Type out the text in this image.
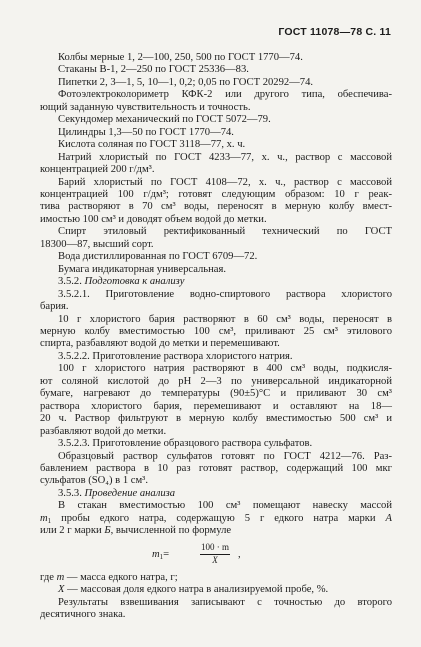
ГОСТ 11078—78 С. 11
Колбы мерные 1, 2—100, 250, 500 по ГОСТ 1770—74.
Стаканы В-1, 2—250 по ГОСТ 25336—83.
Пипетки 2, 3—1, 5, 10—1, 0,2; 0,05 по ГОСТ 20292—74.
Фотоэлектроколориметр КФК-2 или другого типа, обеспечива-
ющий заданную чувствительность и точность.
Секундомер механический по ГОСТ 5072—79.
Цилиндры 1,3—50 по ГОСТ 1770—74.
Кислота соляная по ГОСТ 3118—77, х. ч.
Натрий хлористый по ГОСТ 4233—77, х. ч., раствор с массовой
концентрацией 200 г/дм³.
Барий хлористый по ГОСТ 4108—72, х. ч., раствор с массовой
концентрацией 100 г/дм³; готовят следующим образом: 10 г реак-
тива растворяют в 70 см³ воды, переносят в мерную колбу вмест-
имостью 100 см³ и доводят объем водой до метки.
Спирт этиловый ректификованный технический по ГОСТ
18300—87, высший сорт.
Вода дистиллированная по ГОСТ 6709—72.
Бумага индикаторная универсальная.
3.5.2. Подготовка к анализу
3.5.2.1. Приготовление водно-спиртового раствора хлористого
бария.
10 г хлористого бария растворяют в 60 см³ воды, переносят в
мерную колбу вместимостью 100 см³, приливают 25 см³ этилового
спирта, разбавляют водой до метки и перемешивают.
3.5.2.2. Приготовление раствора хлористого натрия.
100 г хлористого натрия растворяют в 400 см³ воды, подкисля-
ют соляной кислотой до pH 2—3 по универсальной индикаторной
бумаге, нагревают до температуры (90±5)°С и приливают 30 см³
раствора хлористого бария, перемешивают и оставляют на 18—
20 ч. Раствор фильтруют в мерную колбу вместимостью 500 см³ и
разбавляют водой до метки.
3.5.2.3. Приготовление образцового раствора сульфатов.
Образцовый раствор сульфатов готовят по ГОСТ 4212—76. Раз-
бавлением раствора в 10 раз готовят раствор, содержащий 100 мкг
сульфатов (SO₄) в 1 см³.
3.5.3. Проведение анализа
В стакан вместимостью 100 см³ помещают навеску массой
$m_1$ пробы едкого натра, содержащую 5 г едкого натра марки А
или 2 г марки Б, вычисленной по формуле
$m_1=$	$\frac{100 \cdot m}{X}$ ,
где m — масса едкого натра, г;
X — массовая доля едкого натра в анализируемой пробе, %.
Результаты взвешивания записывают с точностью до второго
десятичного знака.
